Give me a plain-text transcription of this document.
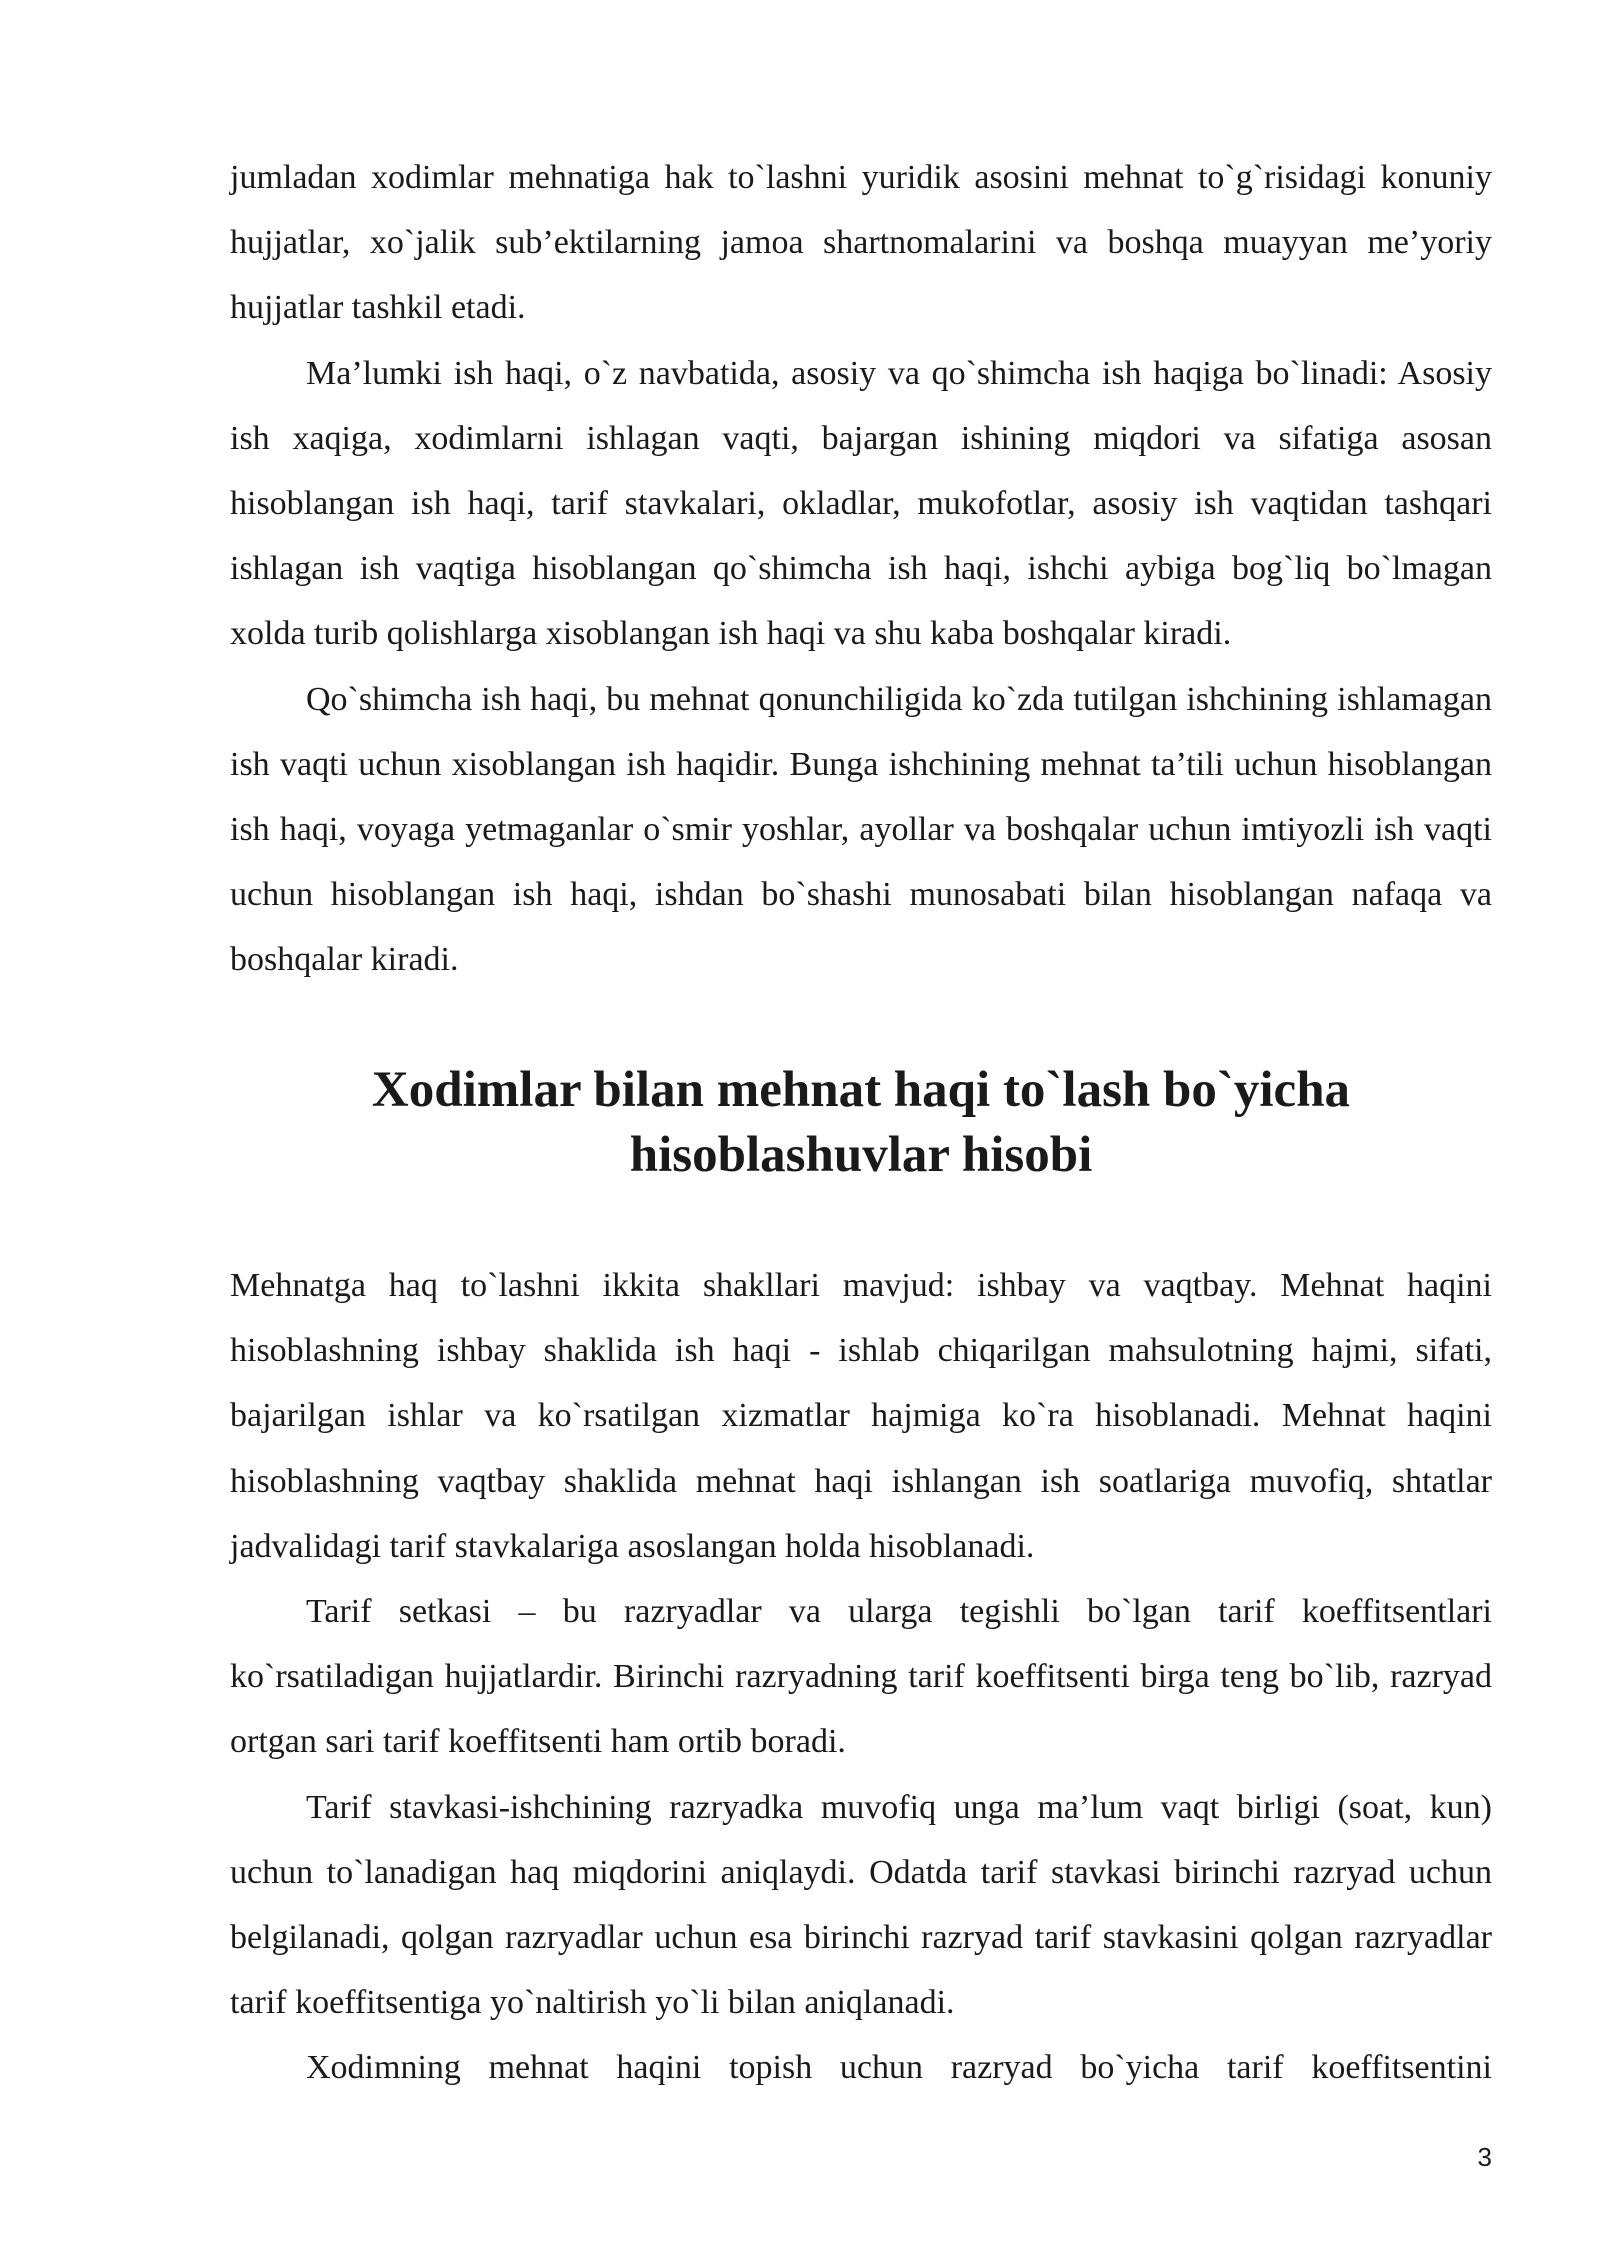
jumladan xodimlar mehnatiga hak to`lashni yuridik asosini mehnat to`g`risidagi konuniy hujjatlar, xo`jalik sub’ektilarning jamoa shartnomalarini va boshqa muayyan me’yoriy hujjatlar tashkil etadi.

Ma’lumki ish haqi, o`z navbatida, asosiy va qo`shimcha ish haqiga bo`linadi: Asosiy ish xaqiga, xodimlarni ishlagan vaqti, bajargan ishining miqdori va sifatiga asosan hisoblangan ish haqi, tarif stavkalari, okladlar, mukofotlar, asosiy ish vaqtidan tashqari ishlagan ish vaqtiga hisoblangan qo`shimcha ish haqi, ishchi aybiga bog`liq bo`lmagan xolda turib qolishlarga xisoblangan ish haqi va shu kaba boshqalar kiradi.

Qo`shimcha ish haqi, bu mehnat qonunchiligida ko`zda tutilgan ishchining ishlamagan ish vaqti uchun xisoblangan ish haqidir. Bunga ishchining mehnat ta’tili uchun hisoblangan ish haqi, voyaga yetmaganlar o`smir yoshlar, ayollar va boshqalar uchun imtiyozli ish vaqti uchun hisoblangan ish haqi, ishdan bo`shashi munosabati bilan hisoblangan nafaqa va boshqalar kiradi.

Xodimlar bilan mehnat haqi to`lash bo`yicha hisoblashuvlar hisobi

Mehnatga haq to`lashni ikkita shakllari mavjud: ishbay va vaqtbay. Mehnat haqini hisoblashning ishbay shaklida ish haqi - ishlab chiqarilgan mahsulotning hajmi, sifati, bajarilgan ishlar va ko`rsatilgan xizmatlar hajmiga ko`ra hisoblanadi. Mehnat haqini hisoblashning vaqtbay shaklida mehnat haqi ishlangan ish soatlariga muvofiq, shtatlar jadvalidagi tarif stavkalariga asoslangan holda hisoblanadi.

Tarif setkasi – bu razryadlar va ularga tegishli bo`lgan tarif koeffitsentlari ko`rsatiladigan hujjatlardir. Birinchi razryadning tarif koeffitsenti birga teng bo`lib, razryad ortgan sari tarif koeffitsenti ham ortib boradi.

Tarif stavkasi-ishchining razryadka muvofiq unga ma’lum vaqt birligi (soat, kun) uchun to`lanadigan haq miqdorini aniqlaydi. Odatda tarif stavkasi birinchi razryad uchun belgilanadi, qolgan razryadlar uchun esa birinchi razryad tarif stavkasini qolgan razryadlar tarif koeffitsentiga yo`naltirish yo`li bilan aniqlanadi.

Xodimning mehnat haqini topish uchun razryad bo`yicha tarif koeffitsentini

3
